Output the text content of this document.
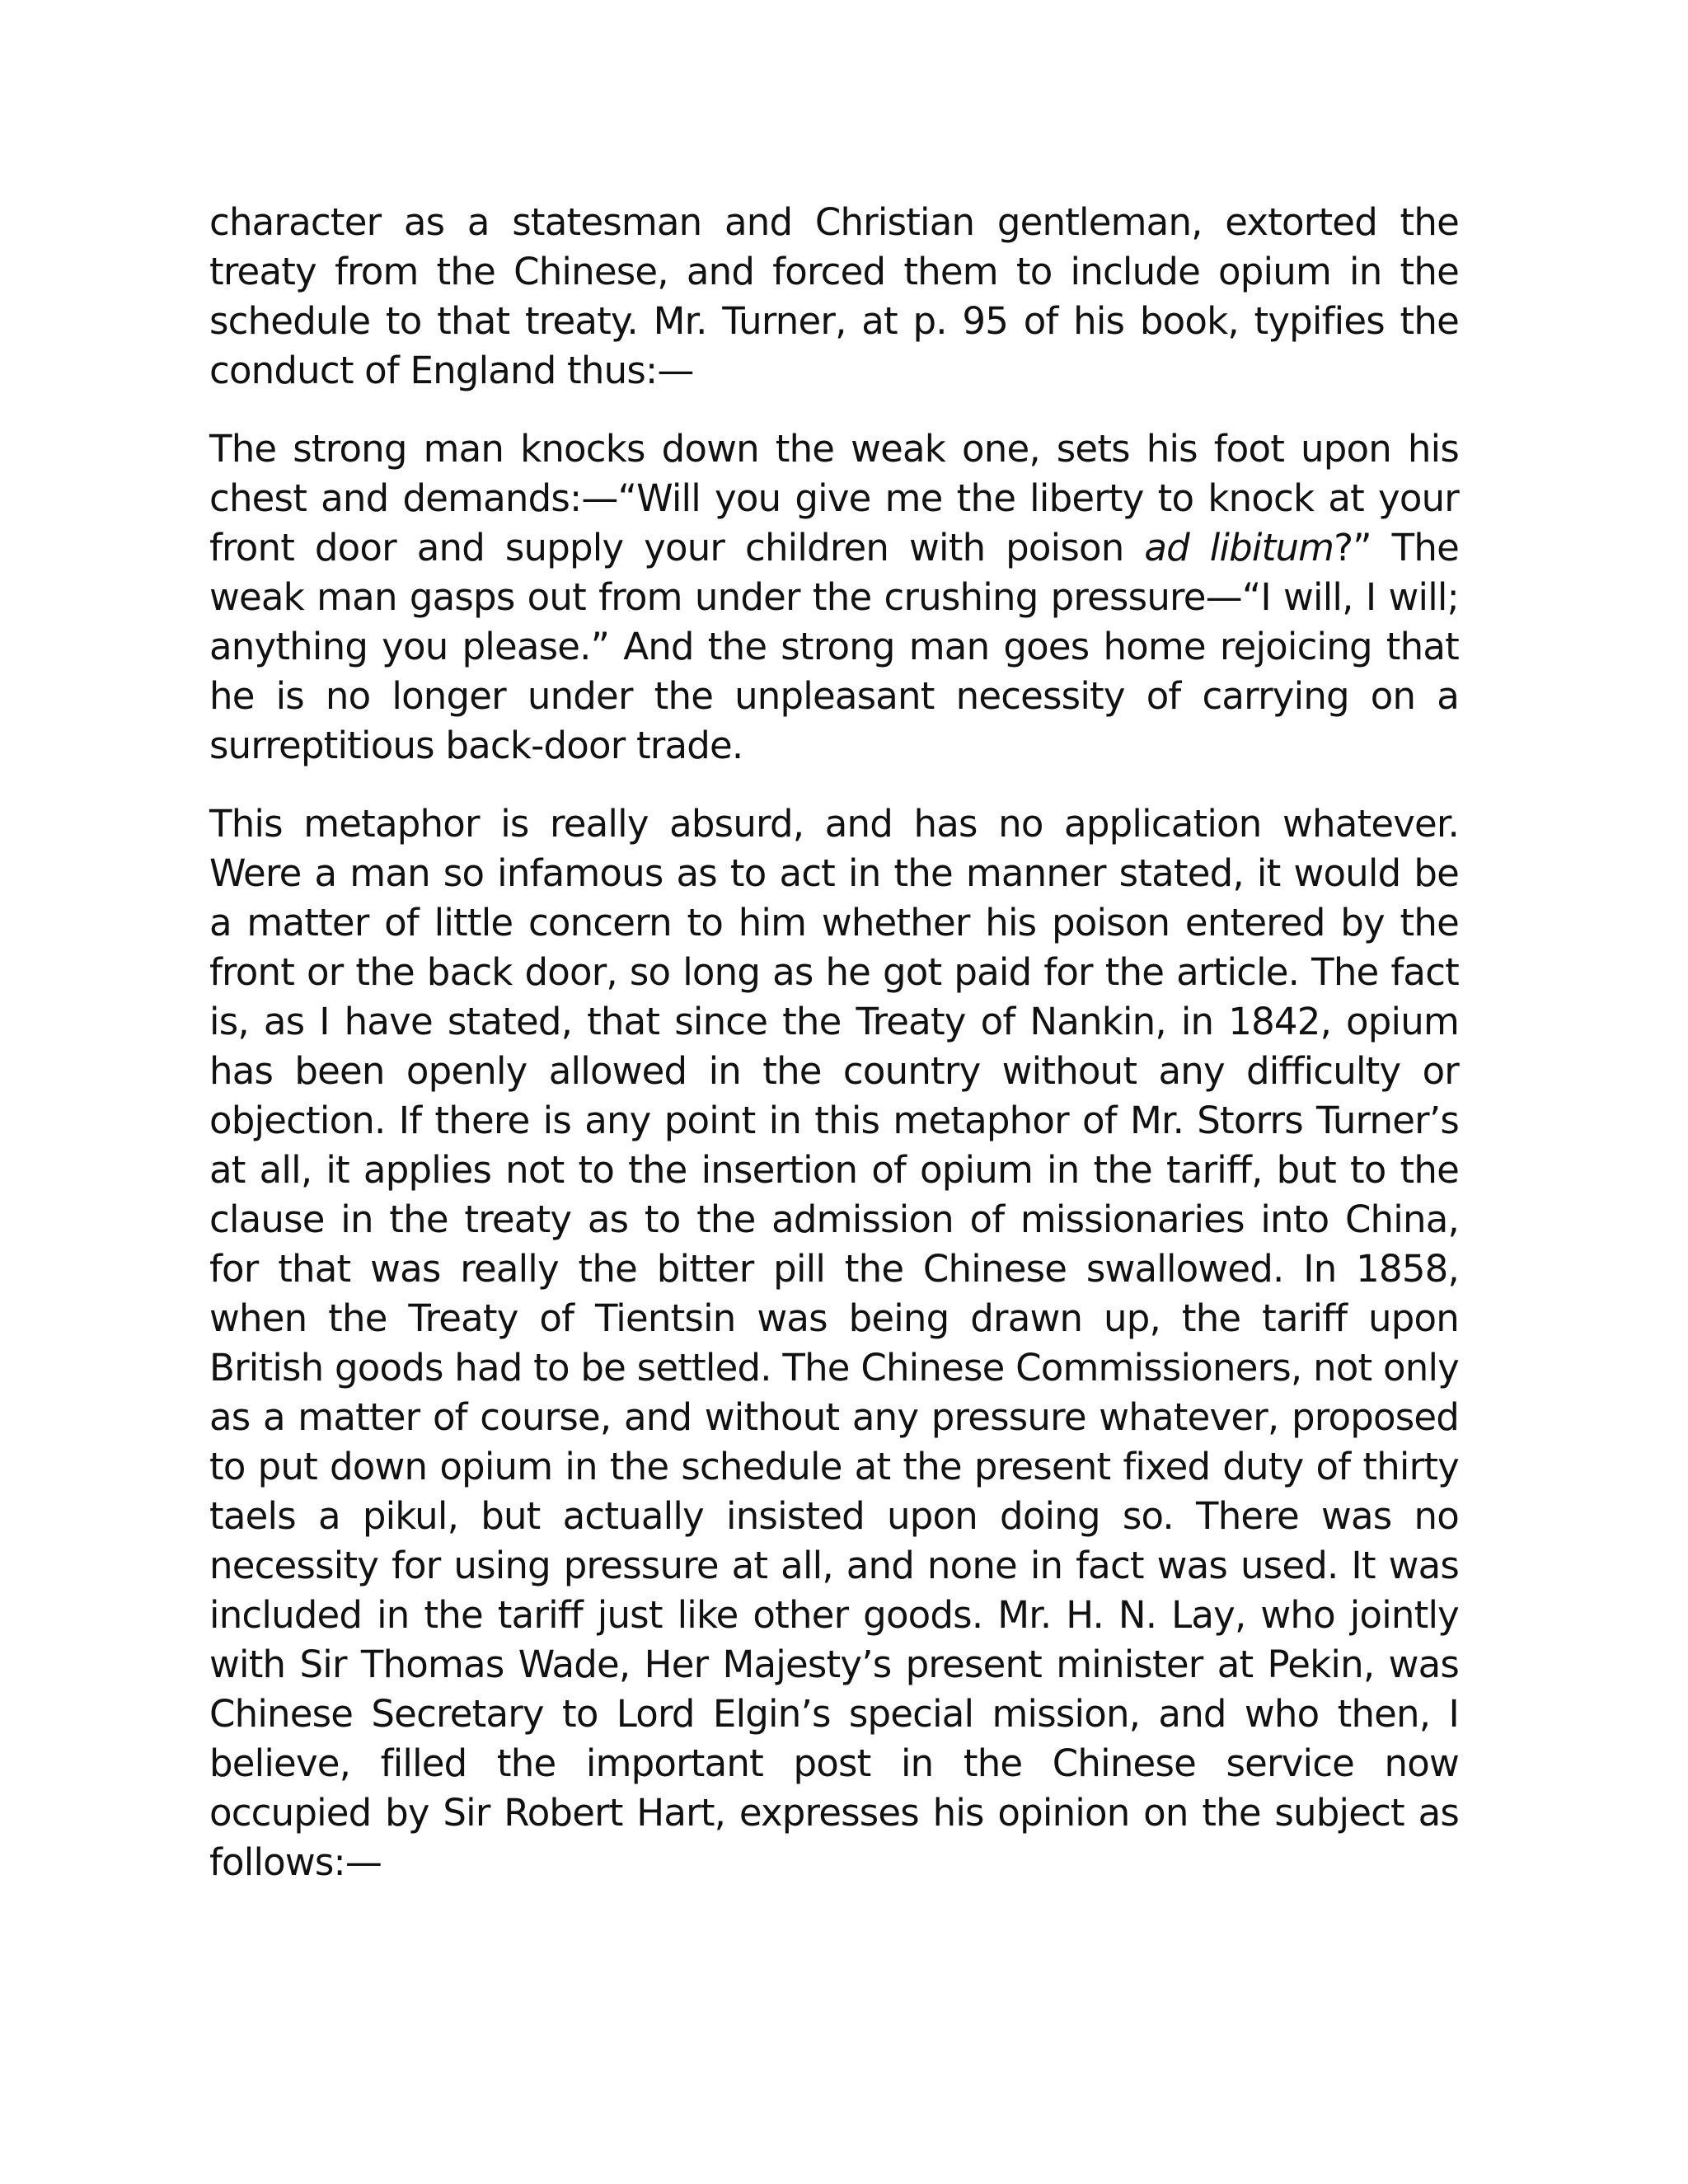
character as a statesman and Christian gentleman, extorted the treaty from the Chinese, and forced them to include opium in the schedule to that treaty. Mr. Turner, at p. 95 of his book, typifies the conduct of England thus:—

The strong man knocks down the weak one, sets his foot upon his chest and demands:—“Will you give me the liberty to knock at your front door and supply your children with poison ad libitum?” The weak man gasps out from under the crushing pressure—“I will, I will; anything you please.” And the strong man goes home rejoicing that he is no longer under the unpleasant necessity of carrying on a surreptitious back-door trade.

This metaphor is really absurd, and has no application whatever. Were a man so infamous as to act in the manner stated, it would be a matter of little concern to him whether his poison entered by the front or the back door, so long as he got paid for the article. The fact is, as I have stated, that since the Treaty of Nankin, in 1842, opium has been openly allowed in the country without any difficulty or objection. If there is any point in this metaphor of Mr. Storrs Turner’s at all, it applies not to the insertion of opium in the tariff, but to the clause in the treaty as to the admission of missionaries into China, for that was really the bitter pill the Chinese swallowed. In 1858, when the Treaty of Tientsin was being drawn up, the tariff upon British goods had to be settled. The Chinese Commissioners, not only as a matter of course, and without any pressure whatever, proposed to put down opium in the schedule at the present fixed duty of thirty taels a pikul, but actually insisted upon doing so. There was no necessity for using pressure at all, and none in fact was used. It was included in the tariff just like other goods. Mr. H. N. Lay, who jointly with Sir Thomas Wade, Her Majesty’s present minister at Pekin, was Chinese Secretary to Lord Elgin’s special mission, and who then, I believe, filled the important post in the Chinese service now occupied by Sir Robert Hart, expresses his opinion on the subject as follows:—
